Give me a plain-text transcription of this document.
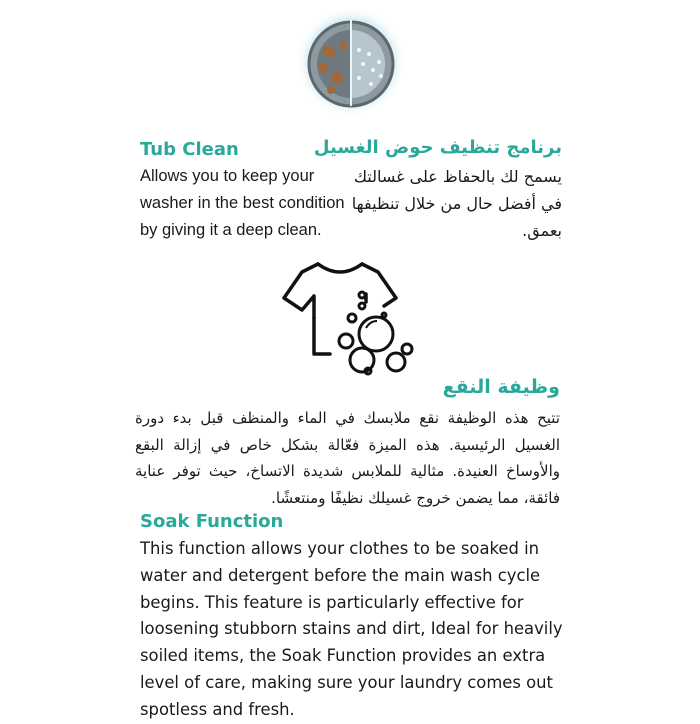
Tub Clean
Allows you to keep your washer in the best condition by giving it a deep clean.
برنامج تنظيف حوض الغسيل
يسمح لك بالحفاظ على غسالتك في أفضل حال من خلال تنظيفها بعمق.
وظيفة النقع
تتيح هذه الوظيفة نقع ملابسك في الماء والمنظف قبل بدء دورة الغسيل الرئيسية. هذه الميزة فعّالة بشكل خاص في إزالة البقع والأوساخ العنيدة. مثالية للملابس شديدة الاتساخ، حيث توفر عناية فائقة، مما يضمن خروج غسيلك نظيفًا ومنتعشًا.
Soak Function
This function allows your clothes to be soaked in water and detergent before the main wash cycle begins. This feature is particularly effective for loosening stubborn stains and dirt, Ideal for heavily soiled items, the Soak Function provides an extra level of care, making sure your laundry comes out spotless and fresh.
